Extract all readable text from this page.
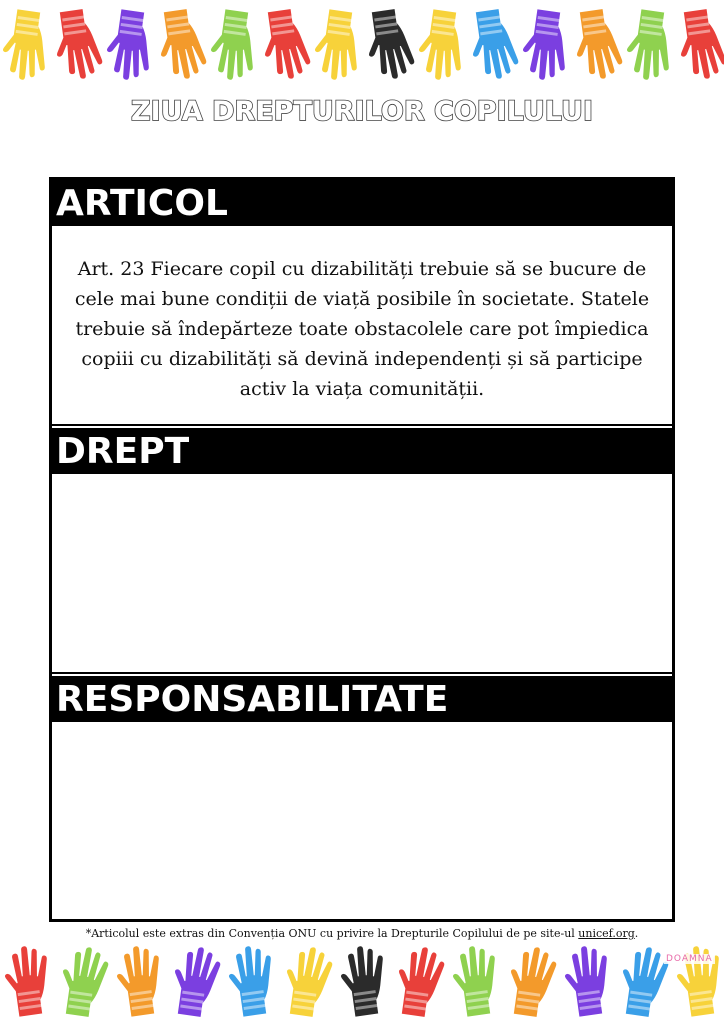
ZIUA DREPTURILOR COPILULUI
ARTICOL
Art. 23 Fiecare copil cu dizabilități trebuie să se bucure de cele mai bune condiții de viață posibile în societate. Statele trebuie să îndepărteze toate obstacolele care pot împiedica copiii cu dizabilități să devină independenți și să participe activ la viața comunității.
DREPT
RESPONSABILITATE
*Articolul este extras din Convenția ONU cu privire la Drepturile Copilului de pe site-ul unicef.org.
DOAMNA
